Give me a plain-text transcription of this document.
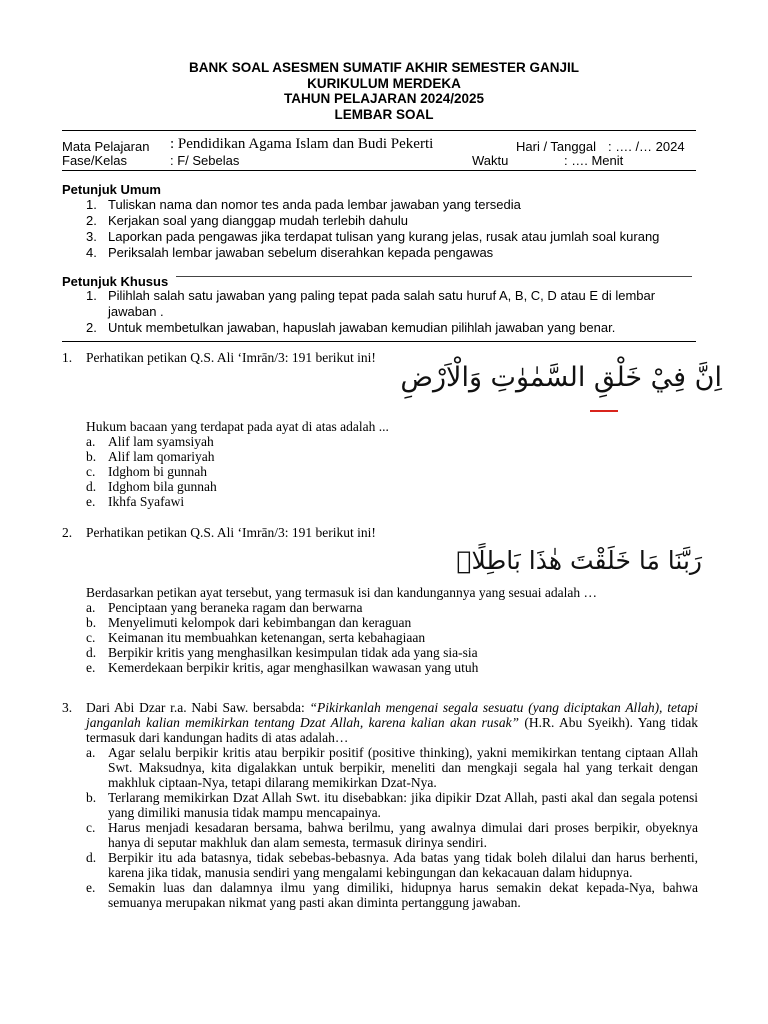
BANK SOAL ASESMEN SUMATIF AKHIR SEMESTER GANJIL
KURIKULUM MERDEKA
TAHUN PELAJARAN 2024/2025
LEMBAR SOAL
Mata Pelajaran : Pendidikan Agama Islam dan Budi Pekerti	Hari / Tanggal : …. /… 2024
Fase/Kelas	: F/ Sebelas	Waktu	: …. Menit
Petunjuk Umum
1. Tuliskan nama dan nomor tes anda pada lembar jawaban yang tersedia
2. Kerjakan soal yang dianggap mudah terlebih dahulu
3. Laporkan pada pengawas jika terdapat tulisan yang kurang jelas, rusak atau jumlah soal kurang
4. Periksalah lembar jawaban sebelum diserahkan kepada pengawas
Petunjuk Khusus
1. Pilihlah salah satu jawaban yang paling tepat pada salah satu huruf A, B, C, D atau E di lembar jawaban .
2. Untuk membetulkan jawaban, hapuslah jawaban kemudian pilihlah jawaban yang benar.
1. Perhatikan petikan Q.S. Ali ‘Imrān/3: 191 berikut ini!
اِنَّ فِيْ خَلْقِ السَّمٰوٰتِ وَالْاَرْضِ
Hukum bacaan yang terdapat pada ayat di atas adalah ...
a. Alif lam syamsiyah
b. Alif lam qomariyah
c. Idghom bi gunnah
d. Idghom bila gunnah
e. Ikhfa Syafawi
2. Perhatikan petikan Q.S. Ali ‘Imrān/3: 191 berikut ini!
رَبَّنَا مَا خَلَقْتَ هٰذَا بَاطِلًاۚ
Berdasarkan petikan ayat tersebut, yang termasuk isi dan kandungannya yang sesuai adalah …
a. Penciptaan yang beraneka ragam dan berwarna
b. Menyelimuti kelompok dari kebimbangan dan keraguan
c. Keimanan itu membuahkan ketenangan, serta kebahagiaan
d. Berpikir kritis yang menghasilkan kesimpulan tidak ada yang sia-sia
e. Kemerdekaan berpikir kritis, agar menghasilkan wawasan yang utuh
3. Dari Abi Dzar r.a. Nabi Saw. bersabda: “Pikirkanlah mengenai segala sesuatu (yang diciptakan Allah), tetapi janganlah kalian memikirkan tentang Dzat Allah, karena kalian akan rusak” (H.R. Abu Syeikh). Yang tidak termasuk dari kandungan hadits di atas adalah…
a. Agar selalu berpikir kritis atau berpikir positif (positive thinking), yakni memikirkan tentang ciptaan Allah Swt. Maksudnya, kita digalakkan untuk berpikir, meneliti dan mengkaji segala hal yang terkait dengan makhluk ciptaan-Nya, tetapi dilarang memikirkan Dzat-Nya.
b. Terlarang memikirkan Dzat Allah Swt. itu disebabkan: jika dipikir Dzat Allah, pasti akal dan segala potensi yang dimiliki manusia tidak mampu mencapainya.
c. Harus menjadi kesadaran bersama, bahwa berilmu, yang awalnya dimulai dari proses berpikir, obyeknya hanya di seputar makhluk dan alam semesta, termasuk dirinya sendiri.
d. Berpikir itu ada batasnya, tidak sebebas-bebasnya. Ada batas yang tidak boleh dilalui dan harus berhenti, karena jika tidak, manusia sendiri yang mengalami kebingungan dan kekacauan dalam hidupnya.
e. Semakin luas dan dalamnya ilmu yang dimiliki, hidupnya harus semakin dekat kepada-Nya, bahwa semuanya merupakan nikmat yang pasti akan diminta pertanggung jawaban.
